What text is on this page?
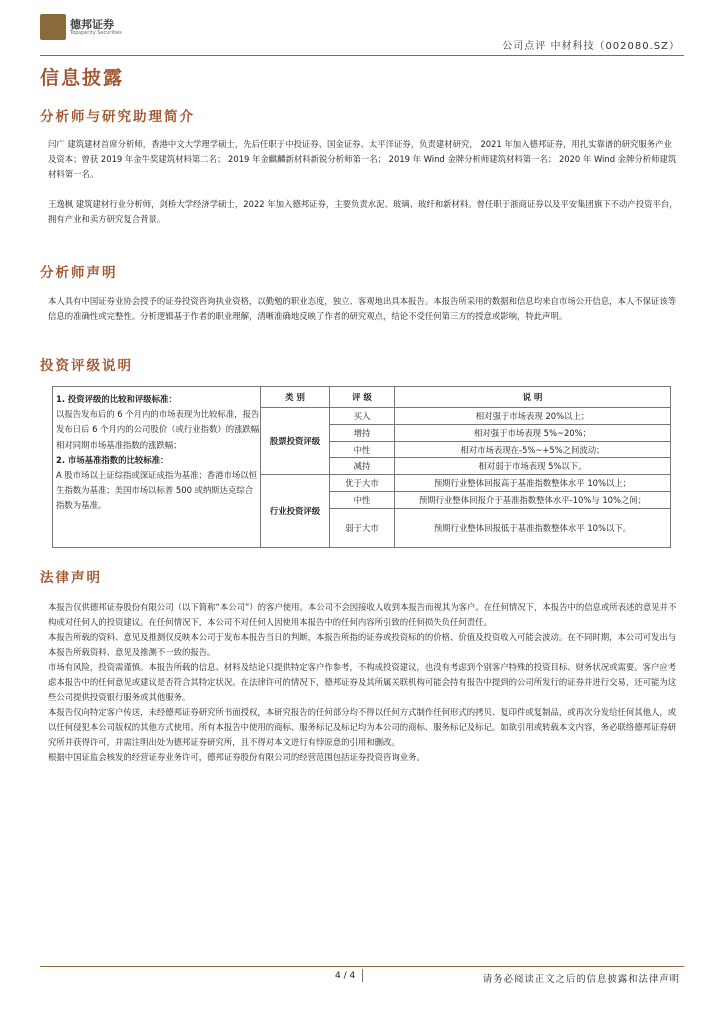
德邦证券
Topsperity Securities
公司点评 中材科技（002080.SZ）
信息披露
分析师与研究助理简介

闫广 建筑建材首席分析师，香港中文大学理学硕士，先后任职于中投证券、国金证券、太平洋证券，负责建材研究， 2021 年加入德邦证券，用扎实靠谱的研究服务产业及资本；曾获 2019 年金牛奖建筑材料第二名； 2019 年金麒麟新材料新锐分析师第一名； 2019 年 Wind 金牌分析师建筑材料第一名； 2020 年 Wind 金牌分析师建筑材料第一名。

王逸枫 建筑建材行业分析师，剑桥大学经济学硕士，2022 年加入德邦证券，主要负责水泥、玻璃、玻纤和新材料。曾任职于浙商证券以及平安集团旗下不动产投资平台，拥有产业和卖方研究复合背景。

分析师声明

本人具有中国证券业协会授予的证券投资咨询执业资格，以勤勉的职业态度，独立、客观地出具本报告。本报告所采用的数据和信息均来自市场公开信息，本人不保证该等信息的准确性或完整性。分析逻辑基于作者的职业理解，清晰准确地反映了作者的研究观点，结论不受任何第三方的授意或影响，特此声明。

投资评级说明
1. 投资评级的比较和评级标准：
以报告发布后的 6 个月内的市场表现为比较标准，报告发布日后 6 个月内的公司股价（或行业指数）的涨跌幅相对同期市场基准指数的涨跌幅；
2. 市场基准指数的比较标准：
A 股市场以上证综指或深证成指为基准；香港市场以恒生指数为基准；美国市场以标普 500 或纳斯达克综合指数为基准。
类 别	评 级	说 明
股票投资评级	买入	相对强于市场表现 20%以上；
	增持	相对强于市场表现 5%~20%；
	中性	相对市场表现在-5%~+5%之间波动；
	减持	相对弱于市场表现 5%以下。
行业投资评级	优于大市	预期行业整体回报高于基准指数整体水平 10%以上；
	中性	预期行业整体回报介于基准指数整体水平-10%与 10%之间；
	弱于大市	预期行业整体回报低于基准指数整体水平 10%以下。
法律声明

本报告仅供德邦证券股份有限公司（以下简称“本公司”）的客户使用。本公司不会因接收人收到本报告而视其为客户。在任何情况下，本报告中的信息或所表述的意见并不构成对任何人的投资建议。在任何情况下，本公司不对任何人因使用本报告中的任何内容所引致的任何损失负任何责任。

本报告所载的资料、意见及推测仅反映本公司于发布本报告当日的判断，本报告所指的证券或投资标的的价格、价值及投资收入可能会波动。在不同时期，本公司可发出与本报告所载资料、意见及推测不一致的报告。

市场有风险，投资需谨慎。本报告所载的信息、材料及结论只提供特定客户作参考，不构成投资建议，也没有考虑到个别客户特殊的投资目标、财务状况或需要。客户应考虑本报告中的任何意见或建议是否符合其特定状况。在法律许可的情况下，德邦证券及其所属关联机构可能会持有报告中提到的公司所发行的证券并进行交易，还可能为这些公司提供投资银行服务或其他服务。

本报告仅向特定客户传送，未经德邦证券研究所书面授权，本研究报告的任何部分均不得以任何方式制作任何形式的拷贝、复印件或复制品，或再次分发给任何其他人，或以任何侵犯本公司版权的其他方式使用。所有本报告中使用的商标、服务标记及标记均为本公司的商标、服务标记及标记。如欲引用或转载本文内容，务必联络德邦证券研究所并获得许可，并需注明出处为德邦证券研究所，且不得对本文进行有悖原意的引用和删改。

根据中国证监会核发的经营证券业务许可，德邦证券股份有限公司的经营范围包括证券投资咨询业务。

4 / 4	请务必阅读正文之后的信息披露和法律声明
